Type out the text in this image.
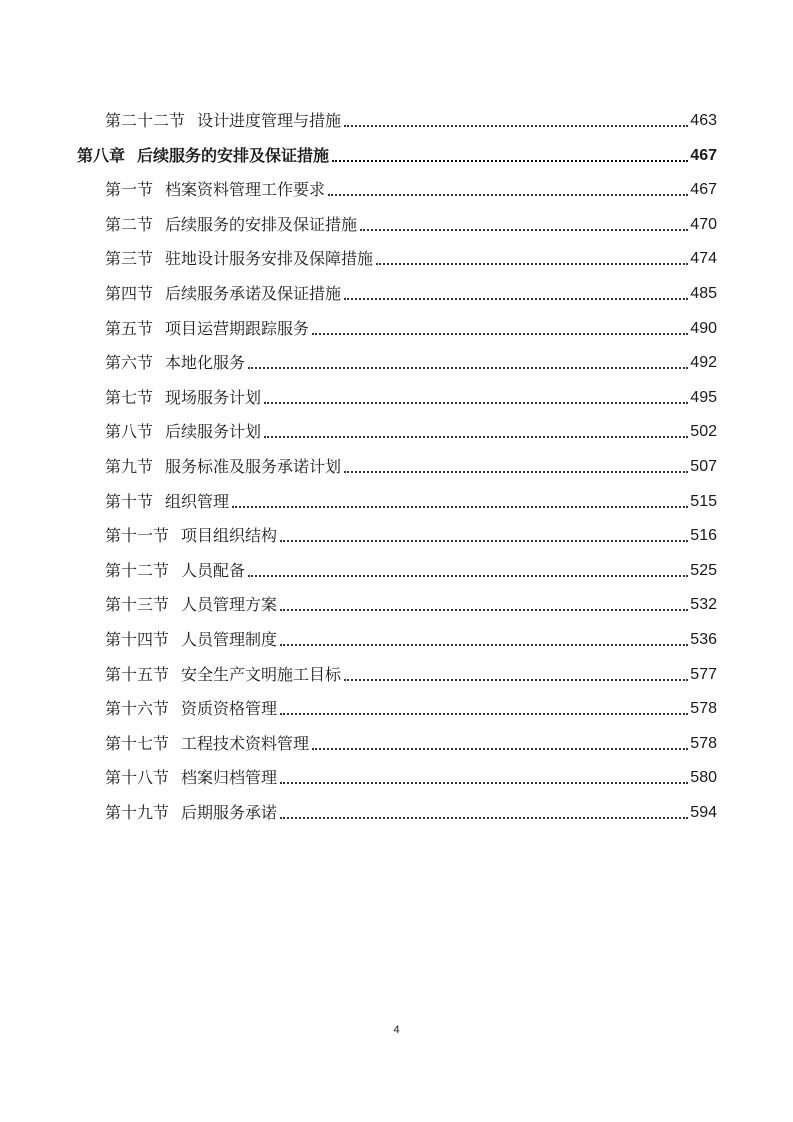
第二十二节 设计进度管理与措施	463
第八章 后续服务的安排及保证措施	467
第一节 档案资料管理工作要求	467
第二节 后续服务的安排及保证措施	470
第三节 驻地设计服务安排及保障措施	474
第四节 后续服务承诺及保证措施	485
第五节 项目运营期跟踪服务	490
第六节 本地化服务	492
第七节 现场服务计划	495
第八节 后续服务计划	502
第九节 服务标准及服务承诺计划	507
第十节 组织管理	515
第十一节 项目组织结构	516
第十二节 人员配备	525
第十三节 人员管理方案	532
第十四节 人员管理制度	536
第十五节 安全生产文明施工目标	577
第十六节 资质资格管理	578
第十七节 工程技术资料管理	578
第十八节 档案归档管理	580
第十九节 后期服务承诺	594
4
